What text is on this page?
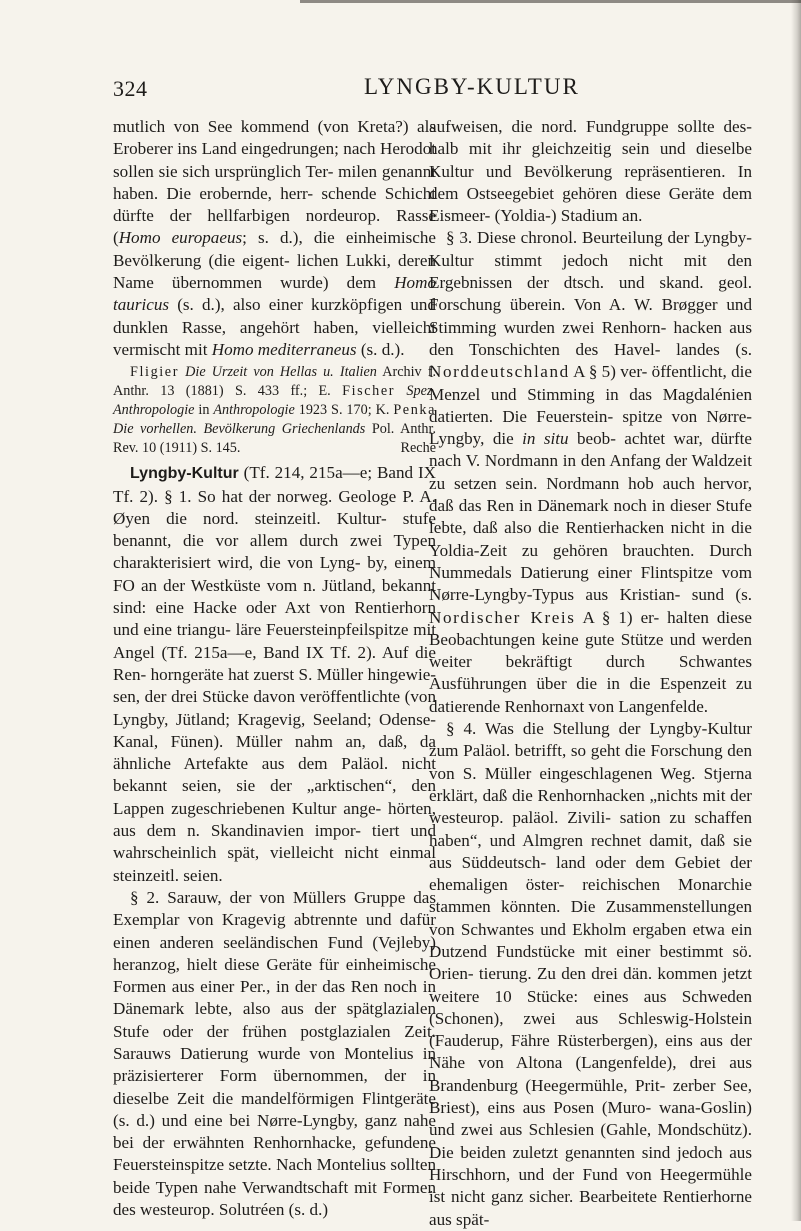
324	LYNGBY-KULTUR

mutlich von See kommend (von Kreta?) als Eroberer ins Land eingedrungen; nach Herodot sollen sie sich ursprünglich Ter- milen genannt haben. Die erobernde, herr- schende Schicht dürfte der hellfarbigen nordeurop. Rasse (Homo europaeus; s. d.), die einheimische Bevölkerung (die eigent- lichen Lukki, deren Name übernommen wurde) dem Homo tauricus (s. d.), also einer kurzköpfigen und dunklen Rasse, angehört haben, vielleicht vermischt mit Homo mediterraneus (s. d.).

Fligier Die Urzeit von Hellas u. Italien Archiv f. Anthr. 13 (1881) S. 433 ff.; E. Fischer Spez. Anthropologie in Anthropologie 1923 S. 170; K. Penka Die vorhellen. Bevölkerung Griechenlands Pol. Anthr. Rev. 10 (1911) S. 145.	Reche

Lyngby-Kultur (Tf. 214, 215a—e; Band IX Tf. 2). § 1. So hat der norweg. Geologe P. A. Øyen die nord. steinzeitl. Kultur- stufe benannt, die vor allem durch zwei Typen charakterisiert wird, die von Lyng- by, einem FO an der Westküste vom n. Jütland, bekannt sind: eine Hacke oder Axt von Rentierhorn und eine triangu- läre Feuersteinpfeilspitze mit Angel (Tf. 215a—e, Band IX Tf. 2). Auf die Ren- horngeräte hat zuerst S. Müller hingewie- sen, der drei Stücke davon veröffentlichte (von Lyngby, Jütland; Kragevig, Seeland; Odense-Kanal, Fünen). Müller nahm an, daß, da ähnliche Artefakte aus dem Paläol. nicht bekannt seien, sie der „arktischen“, den Lappen zugeschriebenen Kultur ange- hörten, aus dem n. Skandinavien impor- tiert und wahrscheinlich spät, vielleicht nicht einmal steinzeitl. seien.

§ 2. Sarauw, der von Müllers Gruppe das Exemplar von Kragevig abtrennte und dafür einen anderen seeländischen Fund (Vejleby) heranzog, hielt diese Geräte für einheimische Formen aus einer Per., in der das Ren noch in Dänemark lebte, also aus der spätglazialen Stufe oder der frühen postglazialen Zeit. Sarauws Datierung wurde von Montelius in präzisierterer Form übernommen, der in dieselbe Zeit die mandelförmigen Flintgeräte (s. d.) und eine bei Nørre-Lyngby, ganz nahe bei der erwähnten Renhornhacke, gefundene Feuersteinspitze setzte. Nach Montelius sollten beide Typen nahe Verwandtschaft mit Formen des westeurop. Solutréen (s. d.)

aufweisen, die nord. Fundgruppe sollte des- halb mit ihr gleichzeitig sein und dieselbe Kultur und Bevölkerung repräsentieren. In dem Ostseegebiet gehören diese Geräte dem Eismeer- (Yoldia-) Stadium an.

§ 3. Diese chronol. Beurteilung der Lyngby-Kultur stimmt jedoch nicht mit den Ergebnissen der dtsch. und skand. geol. Forschung überein. Von A. W. Brøgger und Stimming wurden zwei Renhorn- hacken aus den Tonschichten des Havel- landes (s. Norddeutschland A § 5) ver- öffentlicht, die Menzel und Stimming in das Magdalénien datierten. Die Feuerstein- spitze von Nørre-Lyngby, die in situ beob- achtet war, dürfte nach V. Nordmann in den Anfang der Waldzeit zu setzen sein. Nordmann hob auch hervor, daß das Ren in Dänemark noch in dieser Stufe lebte, daß also die Rentierhacken nicht in die Yoldia-Zeit zu gehören brauchten. Durch Nummedals Datierung einer Flintspitze vom Nørre-Lyngby-Typus aus Kristian- sund (s. Nordischer Kreis A § 1) er- halten diese Beobachtungen keine gute Stütze und werden weiter bekräftigt durch Schwantes Ausführungen über die in die Espenzeit zu datierende Renhornaxt von Langenfelde.

§ 4. Was die Stellung der Lyngby-Kultur zum Paläol. betrifft, so geht die Forschung den von S. Müller eingeschlagenen Weg. Stjerna erklärt, daß die Renhornhacken „nichts mit der westeurop. paläol. Zivili- sation zu schaffen haben“, und Almgren rechnet damit, daß sie aus Süddeutsch- land oder dem Gebiet der ehemaligen öster- reichischen Monarchie stammen könnten. Die Zusammenstellungen von Schwantes und Ekholm ergaben etwa ein Dutzend Fundstücke mit einer bestimmt sö. Orien- tierung. Zu den drei dän. kommen jetzt weitere 10 Stücke: eines aus Schweden (Schonen), zwei aus Schleswig-Holstein (Fauderup, Fähre Rüsterbergen), eins aus der Nähe von Altona (Langenfelde), drei aus Brandenburg (Heegermühle, Prit- zerber See, Briest), eins aus Posen (Muro- wana-Goslin) und zwei aus Schlesien (Gahle, Mondschütz). Die beiden zuletzt genannten sind jedoch aus Hirschhorn, und der Fund von Heegermühle ist nicht ganz sicher. Bearbeitete Rentierhorne aus spät-
